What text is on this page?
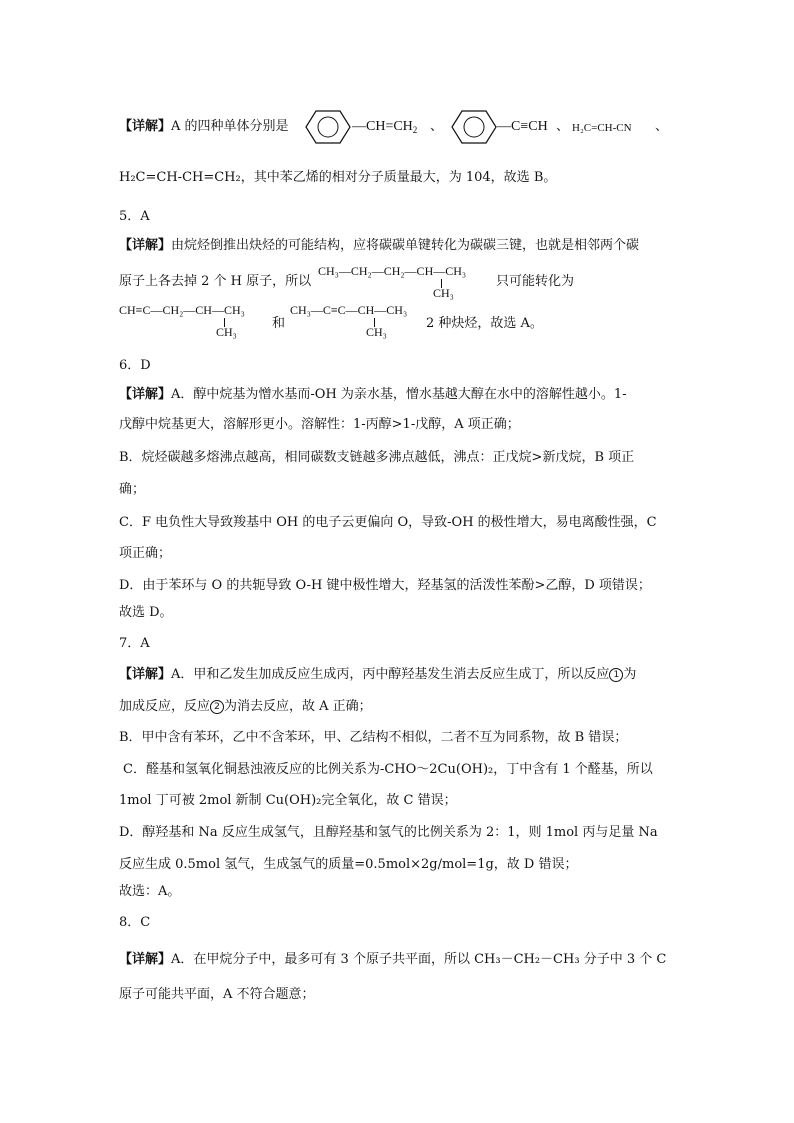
【详解】A 的四种单体分别是	$—CH=CH_2$ 、	—C≡CH 、 H₂C=CH-CN 、
H₂C=CH-CH=CH₂，其中苯乙烯的相对分子质量最大，为 104，故选 B。
5．A
【详解】由烷烃倒推出炔烃的可能结构，应将碳碳单键转化为碳碳三键，也就是相邻两个碳
原子上各去掉 2 个 H 原子，所以
CH₃—CH₂—CH₂—CH—CH₃
CH₃
只可能转化为
CH≡C—CH₂—CH—CH₃
CH₃
和
CH₃—C≡C—CH—CH₃
CH₃
2 种炔烃，故选 A。
6．D
【详解】A．醇中烷基为憎水基而-OH 为亲水基，憎水基越大醇在水中的溶解性越小。1-
戊醇中烷基更大，溶解形更小。溶解性：1-丙醇>1-戊醇，A 项正确；
B．烷烃碳越多熔沸点越高，相同碳数支链越多沸点越低，沸点：正戊烷>新戊烷，B 项正
确；
C．F 电负性大导致羧基中 OH 的电子云更偏向 O，导致-OH 的极性增大，易电离酸性强，C
项正确；
D．由于苯环与 O 的共轭导致 O-H 键中极性增大，羟基氢的活泼性苯酚>乙醇，D 项错误；
故选 D。
7．A
【详解】A．甲和乙发生加成反应生成丙，丙中醇羟基发生消去反应生成丁，所以反应 1 为
加成反应，反应 2 为消去反应，故 A 正确；
B．甲中含有苯环，乙中不含苯环，甲、乙结构不相似，二者不互为同系物，故 B 错误；
C．醛基和氢氧化铜悬浊液反应的比例关系为-CHO～2Cu(OH)₂，丁中含有 1 个醛基，所以
1mol 丁可被 2mol 新制 Cu(OH)₂完全氧化，故 C 错误；
D．醇羟基和 Na 反应生成氢气，且醇羟基和氢气的比例关系为 2：1，则 1mol 丙与足量 Na
反应生成 0.5mol 氢气，生成氢气的质量=0.5mol×2g/mol=1g，故 D 错误；
故选：A。
8．C
【详解】A．在甲烷分子中，最多可有 3 个原子共平面，所以 CH₃－CH₂－CH₃ 分子中 3 个 C
原子可能共平面，A 不符合题意；
